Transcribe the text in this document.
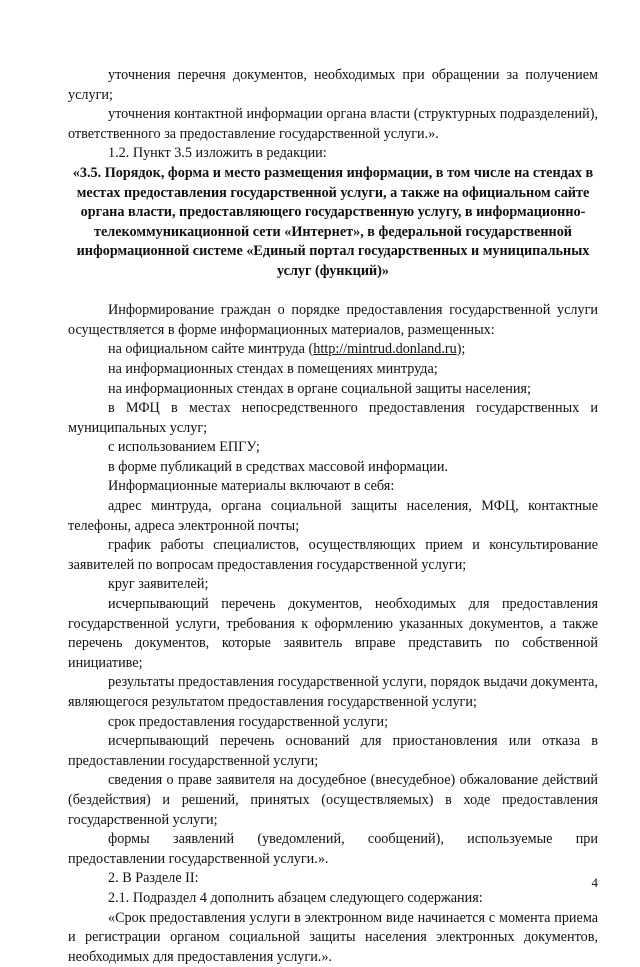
уточнения перечня документов, необходимых при обращении за получением услуги;

уточнения контактной информации органа власти (структурных подразделений), ответственного за предоставление государственной услуги.».

1.2. Пункт 3.5 изложить в редакции:

«3.5. Порядок, форма и место размещения информации, в том числе на стендах в местах предоставления государственной услуги, а также на официальном сайте органа власти, предоставляющего государственную услугу, в информационно-телекоммуникационной сети «Интернет», в федеральной государственной информационной системе «Единый портал государственных и муниципальных услуг (функций)»

Информирование граждан о порядке предоставления государственной услуги осуществляется в форме информационных материалов, размещенных:

на официальном сайте минтруда (http://mintrud.donland.ru);

на информационных стендах в помещениях минтруда;

на информационных стендах в органе социальной защиты населения;

в МФЦ в местах непосредственного предоставления государственных и муниципальных услуг;

с использованием ЕПГУ;

в форме публикаций в средствах массовой информации.

Информационные материалы включают в себя:

адрес минтруда, органа социальной защиты населения, МФЦ, контактные телефоны, адреса электронной почты;

график работы специалистов, осуществляющих прием и консультирование заявителей по вопросам предоставления государственной услуги;

круг заявителей;

исчерпывающий перечень документов, необходимых для предоставления государственной услуги, требования к оформлению указанных документов, а также перечень документов, которые заявитель вправе представить по собственной инициативе;

результаты предоставления государственной услуги, порядок выдачи документа, являющегося результатом предоставления государственной услуги;

срок предоставления государственной услуги;

исчерпывающий перечень оснований для приостановления или отказа в предоставлении государственной услуги;

сведения о праве заявителя на досудебное (внесудебное) обжалование действий (бездействия) и решений, принятых (осуществляемых) в ходе предоставления государственной услуги;

формы заявлений (уведомлений, сообщений), используемые при предоставлении государственной услуги.».

2. В Разделе II:

2.1. Подраздел 4 дополнить абзацем следующего содержания:

«Срок предоставления услуги в электронном виде начинается с момента приема и регистрации органом социальной защиты населения электронных документов, необходимых для предоставления услуги.».

4
